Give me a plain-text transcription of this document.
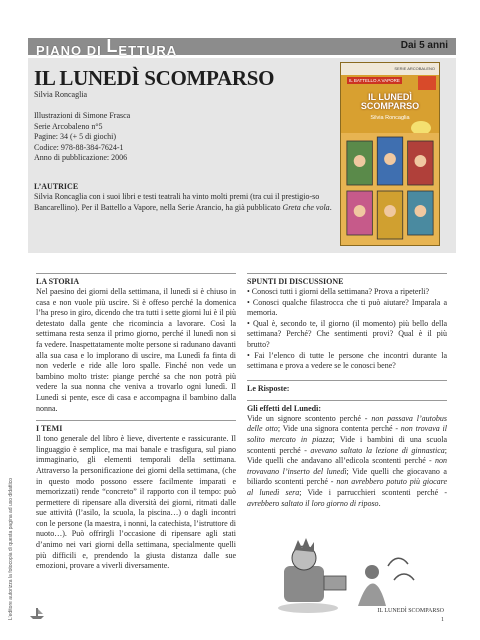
PIANO DI LETTURA	Dai 5 anni
IL LUNEDÌ SCOMPARSO
Silvia Roncaglia
Illustrazioni di Simone Frasca
Serie Arcobaleno n°5
Pagine: 34 (+ 5 di giochi)
Codice: 978-88-384-7624-1
Anno di pubblicazione: 2006
L’AUTRICE
Silvia Roncaglia con i suoi libri e testi teatrali ha vinto molti premi (tra cui il prestigio-so Bancarellino). Per il Battello a Vapore, nella Serie Arancio, ha già pubblicato Greta che vola.
SERIE ARCOBALENO
IL BATTELLO A VAPORE
IL LUNEDÌ
SCOMPARSO
Silvia Roncaglia
LA STORIA
Nel paesino dei giorni della settimana, il lunedì si è chiuso in casa e non vuole più uscire. Si è offeso perché la domenica l’ha preso in giro, dicendo che tra tutti i sette giorni lui è il più detestato dalla gente che ricomincia a lavorare. Così la settimana resta senza il primo giorno, perché il lunedì non si fa vedere. Inaspettatamente molte persone si radunano davanti alla sua casa e lo implorano di uscire, ma Lunedì fa finta di non vederle e ride alle loro spalle. Finché non vede un bambino molto triste: piange perché sa che non potrà più vedere la sua nonna che veniva a trovarlo ogni lunedì. Il Lunedì si pente, esce di casa e accompagna il bambino dalla nonna.
I TEMI
Il tono generale del libro è lieve, divertente e rassicurante. Il linguaggio è semplice, ma mai banale e trasfigura, sul piano immaginario, gli elementi temporali della settimana. Attraverso la personificazione dei giorni della settimana, (che in questo modo possono essere facilmente imparati e memorizzati) rende “concreto” il rapporto con il tempo: può permettere di ripensare alla diversità dei giorni, ritmati dalle sue attività (l’asilo, la scuola, la piscina…) o dagli incontri con le persone (la maestra, i nonni, la catechista, l’istruttore di nuoto…). Può offrirgli l’occasione di ripensare agli stati d’animo nei vari giorni della settimana, specialmente quelli più difficili e, prendendo la giusta distanza dalle sue emozioni, provare a viverli diversamente.
SPUNTI DI DISCUSSIONE
• Conosci tutti i giorni della settimana? Prova a ripeterli?
• Conosci qualche filastrocca che ti può aiutare? Imparala a memoria.
• Qual è, secondo te, il giorno (il momento) più bello della settimana? Perché? Che sentimenti provi? Qual è il più brutto?
• Fai l’elenco di tutte le persone che incontri durante la settimana e prova a vedere se le conosci bene?
Le Risposte:
Gli effetti del Lunedì:
Vide un signore scontento perché - non passava l’autobus delle otto; Vide una signora contenta perché - non trovava il solito mercato in piazza; Vide i bambini di una scuola scontenti perché - avevano saltato la lezione di ginnastica; Vide quelli che andavano all’edicola scontenti perché - non trovavano l’inserto del lunedì; Vide quelli che giocavano a biliardo scontenti perché - non avrebbero potuto più giocare al lunedì sera; Vide i parrucchieri scontenti perché - avrebbero saltato il loro giorno di riposo.
L’editore autorizza la fotocopia di questa pagina ad uso didattico	IL LUNEDÌ SCOMPARSO
1
